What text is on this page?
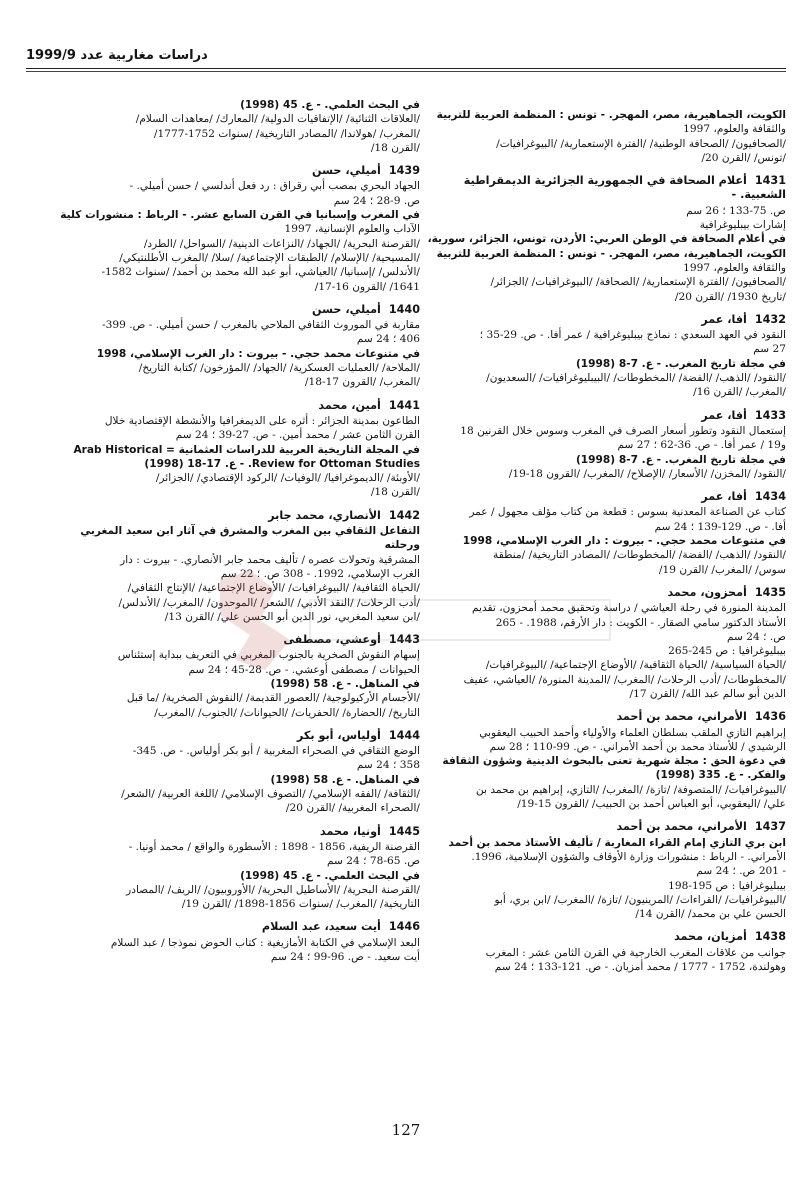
دراسات مغاربية عدد 1999/9
الكويت، الجماهيرية، مصر، المهجر. - تونس : المنظمة العربية للتربية
والثقافة والعلوم، 1997
/الصحافيون/ /الصحافة الوطنية/ /الفترة الإستعمارية/ /البيوغرافيات/
/تونس/ /القرن 20/
1431أعلام الصحافة في الجمهورية الجزائرية الديمقراطية الشعبية. -
ص. 75-133 ؛ 26 سم
إشارات بيبليوغرافية
في أعلام الصحافة في الوطن العربي: الأردن، تونس، الجزائر، سورية،
الكويت، الجماهيرية، مصر، المهجر. - تونس : المنظمة العربية للتربية
والثقافة والعلوم، 1997
/الصحافيون/ /الفترة الإستعمارية/ /الصحافة/ /البيوغرافيات/ /الجزائر/
/تاريخ 1930/ /القرن 20/
1432أفا، عمر
النقود في العهد السعدي : نماذج بيبليوغرافية / عمر أفا. - ص. 29-35 ؛
27 سم
في مجلة تاريخ المغرب. - ع. 7-8 (1998)
/النقود/ /الذهب/ /الفضة/ /المخطوطات/ /البيبليوغرافيات/ /السعديون/
/المغرب/ /القرن 16/
1433أفا، عمر
إستعمال النقود وتطور أسعار الصرف في المغرب وسوس خلال القرنين 18
و19 / عمر أفا. - ص. 36-62 ؛ 27 سم
في مجلة تاريخ المغرب. - ع. 7-8 (1998)
/النقود/ /المخزن/ /الأسعار/ /الإصلاح/ /المغرب/ /القرون 18-19/
1434أفا، عمر
كتاب عن الصناعة المعدنية بسوس : قطعة من كتاب مؤلف مجهول / عمر
أفا. - ص. 129-139 ؛ 24 سم
في متنوعات محمد حجي. - بيروت : دار الغرب الإسلامي، 1998
/النقود/ /الذهب/ /الفضة/ /المخطوطات/ /المصادر التاريخية/ /منطقة
سوس/ /المغرب/ /القرن 19/
1435أمحزون، محمد
المدينة المنورة في رحلة العياشي / دراسة وتحقيق محمد أمحزون، تقديم
الأستاذ الدكتور سامي الصقار. - الكويت : دار الأرقم، 1988. - 265
ص. ؛ 24 سم
بيبليوغرافيا : ص 245-265
/الحياة السياسية/ /الحياة الثقافية/ /الأوضاع الإجتماعية/ /البيوغرافيات/
/المخطوطات/ /أدب الرحلات/ /المغرب/ /المدينة المنورة/ /العياشي، عفيف
الدين أبو سالم عبد الله/ /القرن 17/
1436الأمراني، محمد بن أحمد
إبراهيم التازي الملقب بسلطان العلماء والأولياء وأحمد الحبيب اليعقوبي
الرشيدي / للأستاذ محمد بن أحمد الأمراني. - ص. 99-110 ؛ 28 سم
في دعوة الحق : مجلة شهرية تعنى بالبحوث الدينية وشؤون الثقافة
والفكر. - ع. 335 (1998)
/البيوغرافيات/ /المتصوفة/ /تازة/ /المغرب/ /التازي، إبراهيم بن محمد بن
علي/ /اليعقوبي، أبو العباس أحمد بن الحبيب/ /القرون 15-19/
1437الأمراني، محمد بن أحمد
ابن بري التازي إمام القراء المغاربة / تأليف الأستاذ محمد بن أحمد
الأمراني. - الرباط : منشورات وزارة الأوقاف والشؤون الإسلامية، 1996.
- 201 ص. ؛ 24 سم
بيبليوغرافيا : ص 195-198
/البيوغرافيات/ /القراءات/ /المرينيون/ /تازة/ /المغرب/ /ابن بري، أبو
الحسن علي بن محمد/ /القرن 14/
1438أمزيان، محمد
جوانب من علاقات المغرب الخارجية في القرن الثامن عشر : المغرب
وهولندة، 1752 - 1777 / محمد أمزيان. - ص. 121-133 ؛ 24 سم
في البحث العلمي. - ع. 45 (1998)
/العلاقات الثنائية/ /الإتفاقيات الدولية/ /المعارك/ /معاهدات السلام/
/المغرب/ /هولاندا/ /المصادر التاريخية/ /سنوات 1752-1777/
/القرن 18/
1439أميلي، حسن
الجهاد البحري بمصب أبي رقراق : رد فعل أندلسي / حسن أميلي. -
ص. 9-28 ؛ 24 سم
في المغرب وإسبانيا في القرن السابع عشر. - الرباط : منشورات كلية
الآداب والعلوم الإنسانية، 1997
/القرصنة البحرية/ /الجهاد/ /النزاعات الدينية/ /السواحل/ /الطرد/
/المسيحية/ /الإسلام/ /الطبقات الإجتماعية/ /سلا/ /المغرب الأطلنتيكي/
/الأندلس/ /إسبانيا/ /العياشي، أبو عبد الله محمد بن أحمد/ /سنوات 1582-
1641/ /القرون 16-17/
1440أميلي، حسن
مقاربة في الموروث الثقافي الملاحي بالمغرب / حسن أميلي. - ص. 399-
406 ؛ 24 سم
في متنوعات محمد حجي. - بيروت : دار الغرب الإسلامي، 1998
/الملاحة/ /العمليات العسكرية/ /الجهاد/ /المؤرخون/ /كتابة التاريخ/
/المغرب/ /القرون 17-18/
1441أمين، محمد
الطاعون بمدينة الجزائر : أثره على الديمغرافيا والأنشطة الإقتصادية خلال
القرن الثامن عشر / محمد أمين. - ص. 27-39 ؛ 24 سم
في المجلة التاريخية العربية للدراسات العثمانية = Arab Historical
Review for Ottoman Studies. - ع. 17-18 (1998)
/الأوبئة/ /الديموغرافيا/ /الوفيات/ /الركود الإقتصادي/ /الجزائر/
/القرن 18/
1442الأنصاري، محمد جابر
التفاعل الثقافي بين المغرب والمشرق في آثار ابن سعيد المغربي ورحلته
المشرقية وتحولات عصره / تأليف محمد جابر الأنصاري. - بيروت : دار
الغرب الإسلامي، 1992. - 308 ص. ؛ 22 سم
/الحياة الثقافية/ /البيوغرافيات/ /الأوضاع الإجتماعية/ /الإنتاج الثقافي/
/أدب الرحلات/ /النقد الأدبي/ /الشعر/ /الموحدون/ /المغرب/ /الأندلس/
/ابن سعيد المغربي، نور الدين أبو الحسن علي/ /القرن 13/
1443أوعشي، مصطفى
إسهام النقوش الصخرية بالجنوب المغربي في التعريف ببداية إستئناس
الحيوانات / مصطفى أوعشي. - ص. 28-45 ؛ 24 سم
في المناهل. - ع. 58 (1998)
/الأجسام الأركيولوجية/ /العصور القديمة/ /النقوش الصخرية/ /ما قبل
التاريخ/ /الحضارة/ /الحفريات/ /الحيوانات/ /الجنوب/ /المغرب/
1444أولياس، أبو بكر
الوضع الثقافي في الصحراء المغربية / أبو بكر أولياس. - ص. 345-
358 ؛ 24 سم
في المناهل. - ع. 58 (1998)
/الثقافة/ /الفقه الإسلامي/ /التصوف الإسلامي/ /اللغة العربية/ /الشعر/
/الصحراء المغربية/ /القرن 20/
1445أونيا، محمد
القرصنة الريفية، 1856 - 1898 : الأسطورة والواقع / محمد أونيا. -
ص. 65-78 ؛ 24 سم
في البحث العلمي. - ع. 45 (1998)
/القرصنة البحرية/ /الأساطيل البحرية/ /الأوروبيون/ /الريف/ /المصادر
التاريخية/ /المغرب/ /سنوات 1856-1898/ /القرن 19/
1446أيت سعيد، عبد السلام
البعد الإسلامي في الكتابة الأمازيغية : كتاب الحوض نموذجا / عبد السلام
أيت سعيد. - ص. 96-99 ؛ 24 سم
127
